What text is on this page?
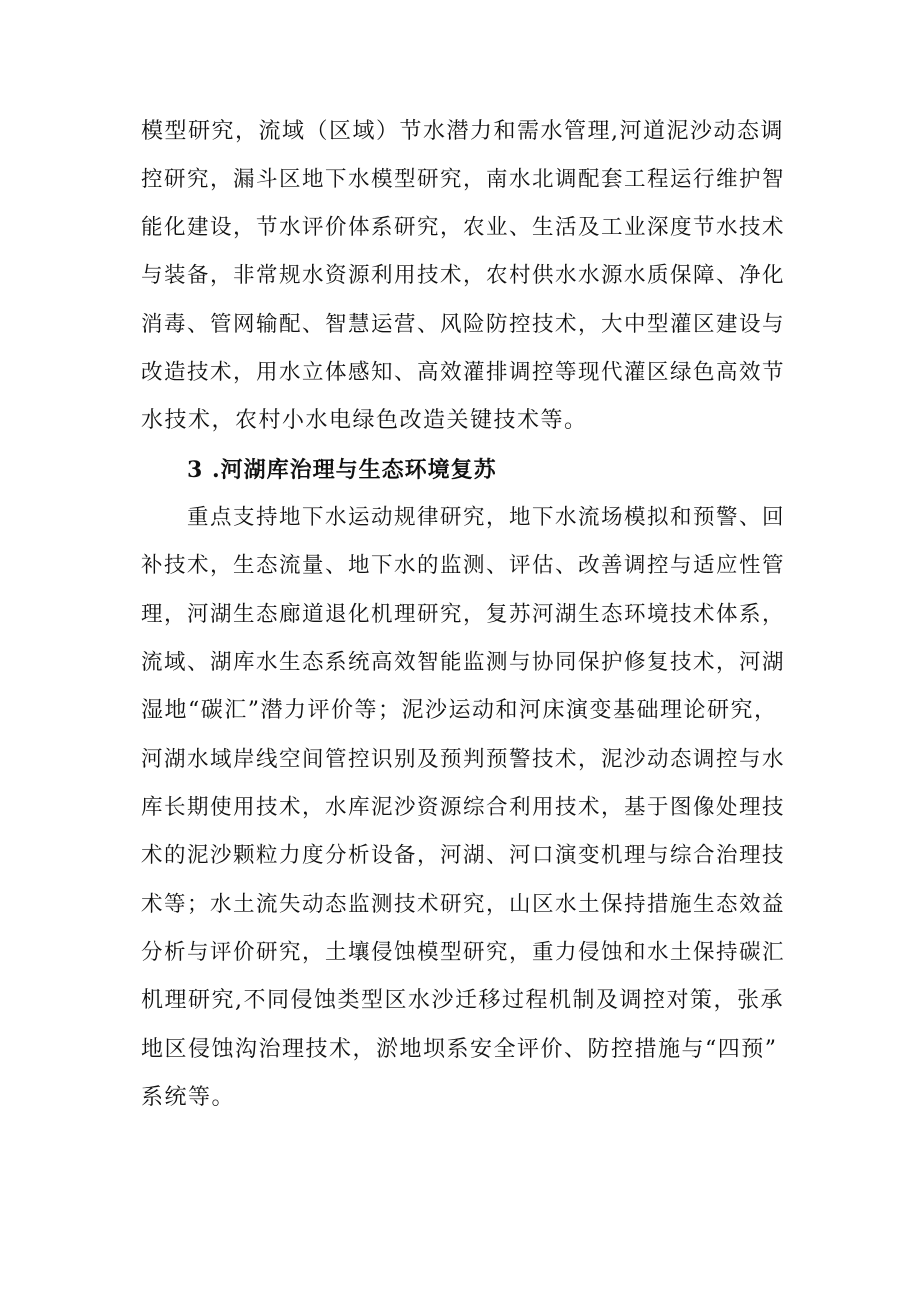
模型研究，流域（区域）节水潜力和需水管理,河道泥沙动态调
控研究，漏斗区地下水模型研究，南水北调配套工程运行维护智
能化建设，节水评价体系研究，农业、生活及工业深度节水技术
与装备，非常规水资源利用技术，农村供水水源水质保障、净化
消毒、管网输配、智慧运营、风险防控技术，大中型灌区建设与
改造技术，用水立体感知、高效灌排调控等现代灌区绿色高效节
水技术，农村小水电绿色改造关键技术等。
3 .河湖库治理与生态环境复苏
重点支持地下水运动规律研究，地下水流场模拟和预警、回
补技术，生态流量、地下水的监测、评估、改善调控与适应性管
理，河湖生态廊道退化机理研究，复苏河湖生态环境技术体系，
流域、湖库水生态系统高效智能监测与协同保护修复技术，河湖
湿地“碳汇”潜力评价等；泥沙运动和河床演变基础理论研究，
河湖水域岸线空间管控识别及预判预警技术，泥沙动态调控与水
库长期使用技术，水库泥沙资源综合利用技术，基于图像处理技
术的泥沙颗粒力度分析设备，河湖、河口演变机理与综合治理技
术等；水土流失动态监测技术研究，山区水土保持措施生态效益
分析与评价研究，土壤侵蚀模型研究，重力侵蚀和水土保持碳汇
机理研究,不同侵蚀类型区水沙迁移过程机制及调控对策，张承
地区侵蚀沟治理技术，淤地坝系安全评价、防控措施与“四预”
系统等。
